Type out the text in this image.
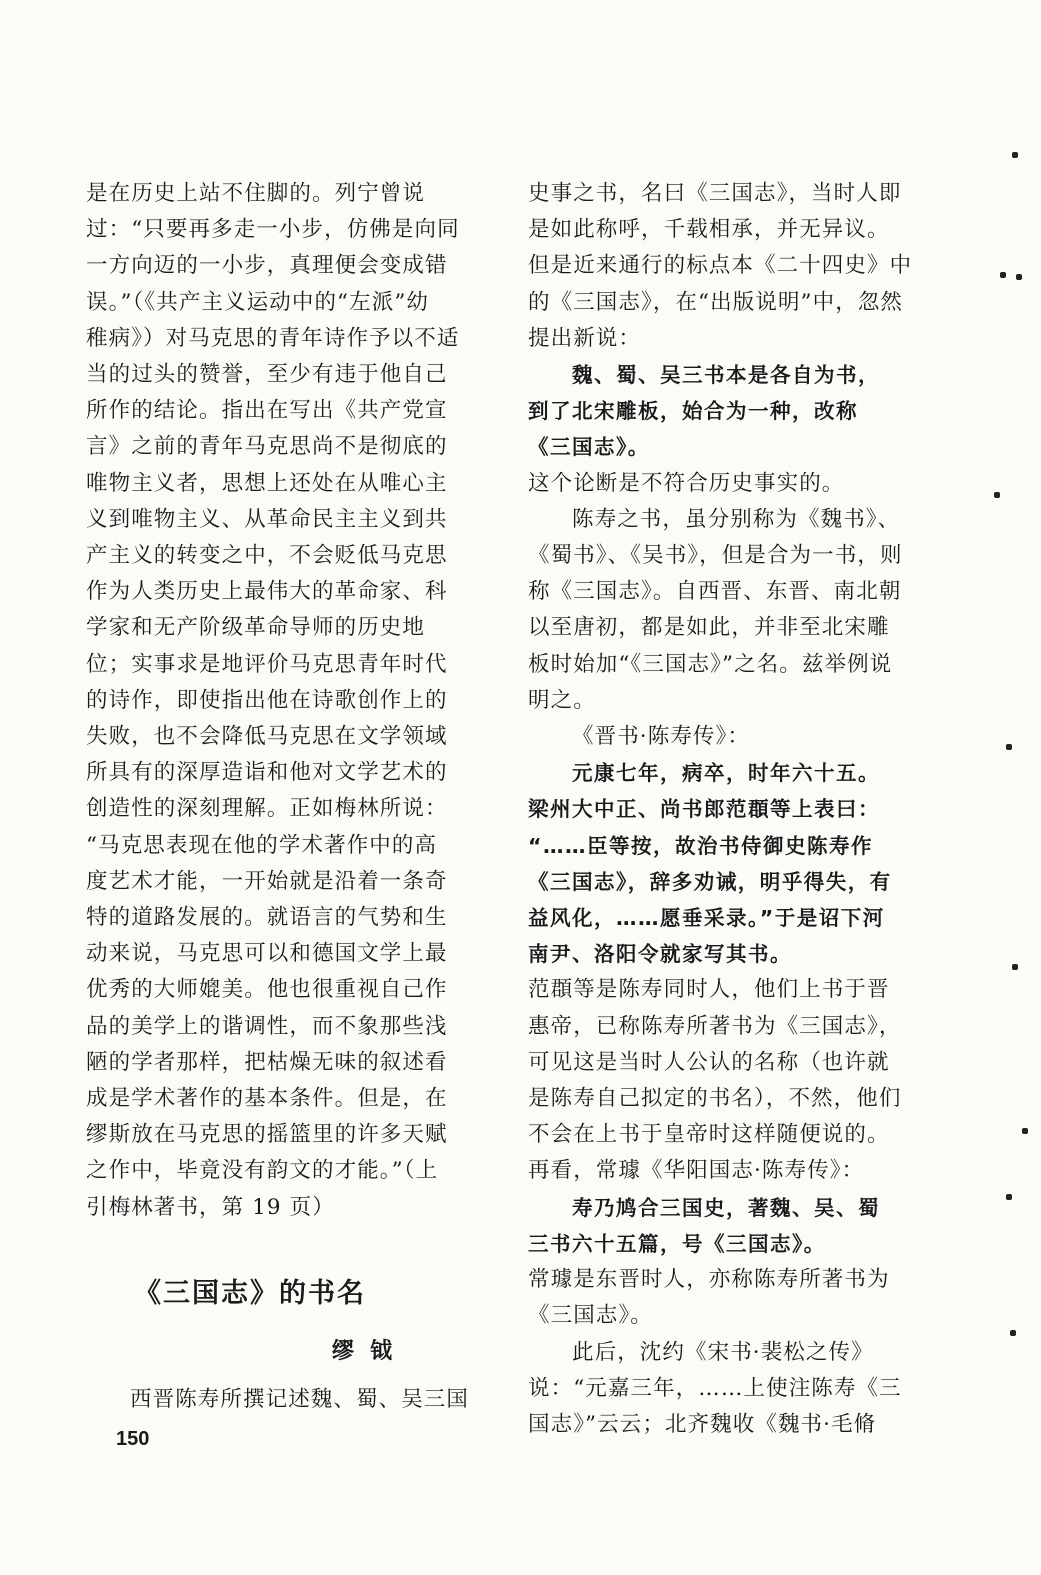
是在历史上站不住脚的。列宁曾说
过：“只要再多走一小步，仿佛是向同
一方向迈的一小步，真理便会变成错
误。”（《共产主义运动中的“左派”幼
稚病》）对马克思的青年诗作予以不适
当的过头的赞誉，至少有违于他自己
所作的结论。指出在写出《共产党宣
言》之前的青年马克思尚不是彻底的
唯物主义者，思想上还处在从唯心主
义到唯物主义、从革命民主主义到共
产主义的转变之中，不会贬低马克思
作为人类历史上最伟大的革命家、科
学家和无产阶级革命导师的历史地
位；实事求是地评价马克思青年时代
的诗作，即使指出他在诗歌创作上的
失败，也不会降低马克思在文学领域
所具有的深厚造诣和他对文学艺术的
创造性的深刻理解。正如梅林所说：
“马克思表现在他的学术著作中的高
度艺术才能，一开始就是沿着一条奇
特的道路发展的。就语言的气势和生
动来说，马克思可以和德国文学上最
优秀的大师媲美。他也很重视自己作
品的美学上的谐调性，而不象那些浅
陋的学者那样，把枯燥无味的叙述看
成是学术著作的基本条件。但是，在
缪斯放在马克思的摇篮里的许多天赋
之作中，毕竟没有韵文的才能。”（上
引梅林著书，第 19 页）
《三国志》的书名
缪钺
西晋陈寿所撰记述魏、蜀、吴三国
史事之书，名曰《三国志》，当时人即
是如此称呼，千载相承，并无异议。
但是近来通行的标点本《二十四史》中
的《三国志》，在“出版说明”中，忽然
提出新说：
魏、蜀、吴三书本是各自为书，
到了北宋雕板，始合为一种，改称
《三国志》。
这个论断是不符合历史事实的。
陈寿之书，虽分别称为《魏书》、
《蜀书》、《吴书》，但是合为一书，则
称《三国志》。自西晋、东晋、南北朝
以至唐初，都是如此，并非至北宋雕
板时始加“《三国志》”之名。兹举例说
明之。
《晋书·陈寿传》：
元康七年，病卒，时年六十五。
梁州大中正、尚书郎范頵等上表曰：
“……臣等按，故治书侍御史陈寿作
《三国志》，辞多劝诫，明乎得失，有
益风化，……愿垂采录。”于是诏下河
南尹、洛阳令就家写其书。
范頵等是陈寿同时人，他们上书于晋
惠帝，已称陈寿所著书为《三国志》，
可见这是当时人公认的名称（也许就
是陈寿自己拟定的书名），不然，他们
不会在上书于皇帝时这样随便说的。
再看，常璩《华阳国志·陈寿传》：
寿乃鸠合三国史，著魏、吴、蜀
三书六十五篇，号《三国志》。
常璩是东晋时人，亦称陈寿所著书为
《三国志》。
此后，沈约《宋书·裴松之传》
说：“元嘉三年，……上使注陈寿《三
国志》”云云；北齐魏收《魏书·毛脩
150
